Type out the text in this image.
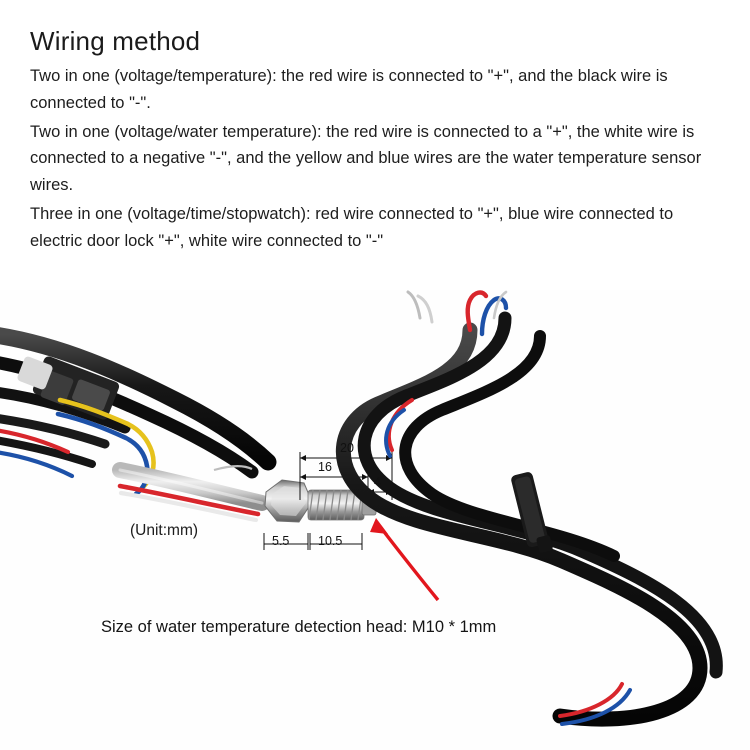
Wiring method

Two in one (voltage/temperature): the red wire is connected to "+", and the black wire is connected to "-".

Two in one (voltage/water temperature): the red wire is connected to a "+", the white wire is connected to a negative "-", and the yellow and blue wires are the water temperature sensor wires.

Three in one (voltage/time/stopwatch): red wire connected to "+", blue wire connected to electric door lock "+", white wire connected to "-"

20
16
4
5.5 10.5
(Unit:mm)
Size of water temperature detection head: M10 * 1mm
